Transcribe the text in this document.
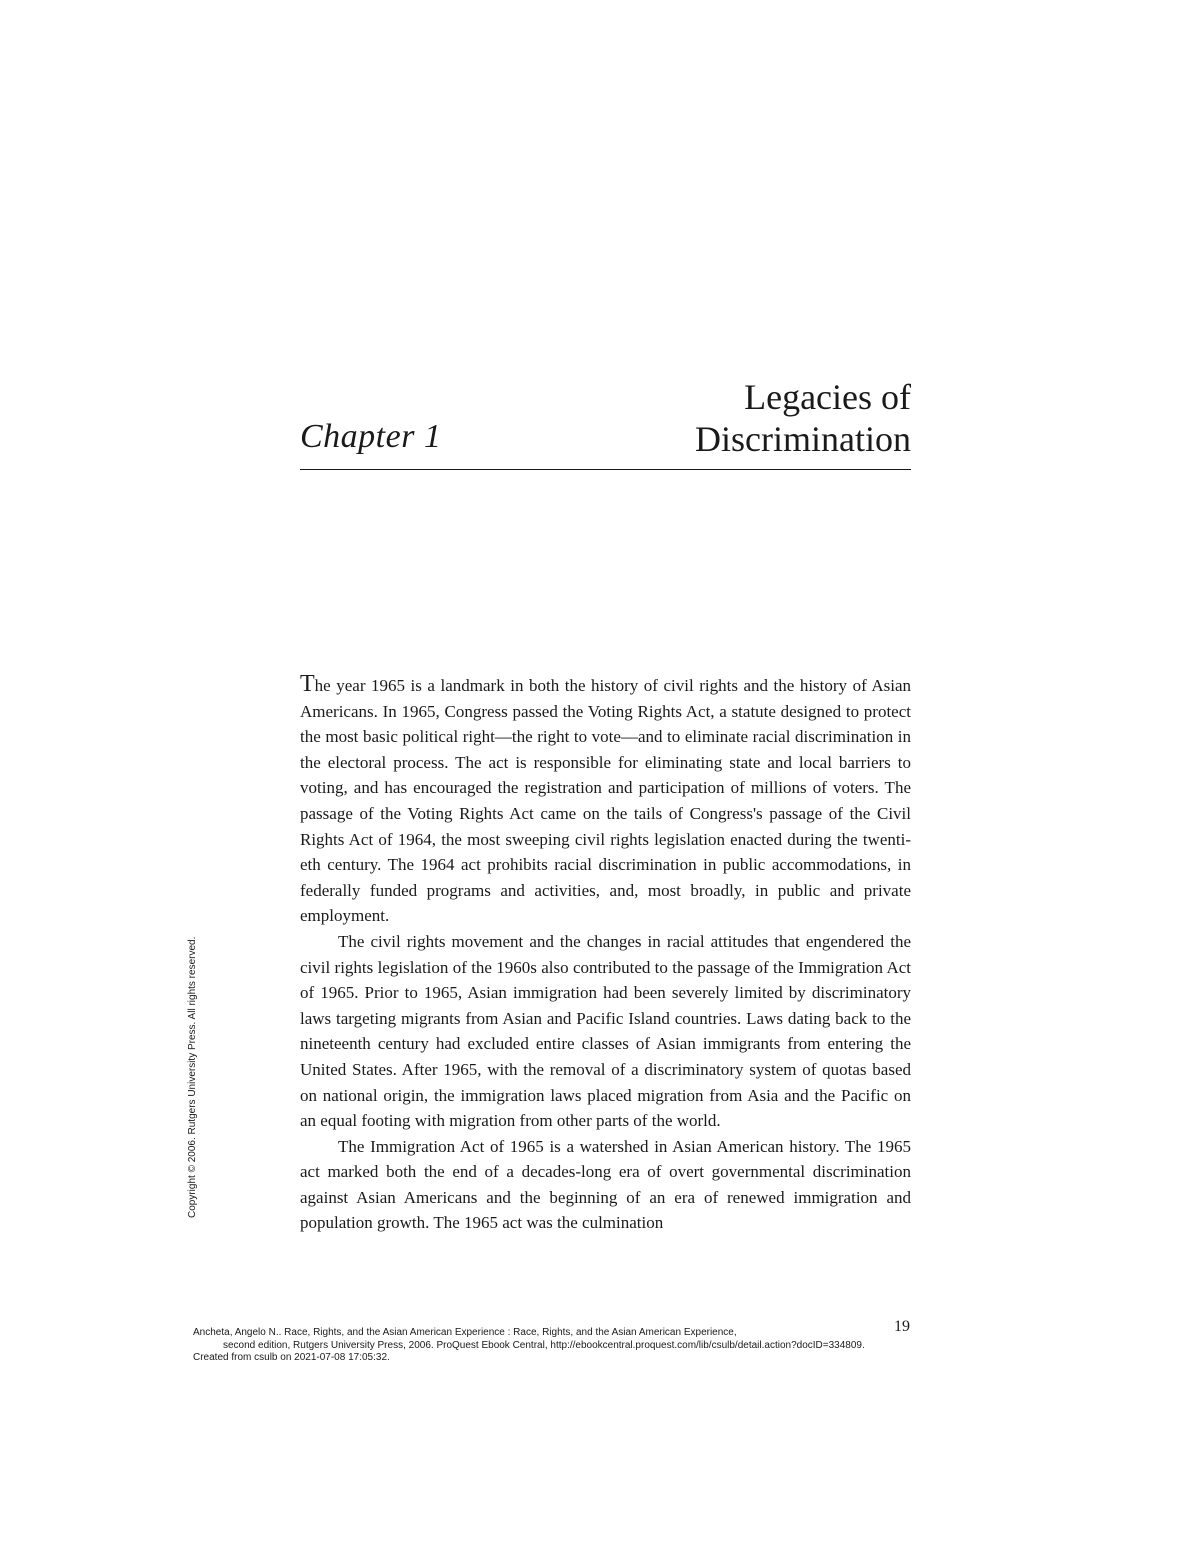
Chapter 1
Legacies of
Discrimination

The year 1965 is a landmark in both the history of civil rights and the history of Asian Americans. In 1965, Congress passed the Voting Rights Act, a statute designed to protect the most basic political right—the right to vote—and to eliminate racial discrimination in the electoral process. The act is responsible for eliminating state and local barriers to voting, and has encouraged the registration and participation of millions of voters. The passage of the Voting Rights Act came on the tails of Congress's passage of the Civil Rights Act of 1964, the most sweeping civil rights legislation enacted during the twentieth century. The 1964 act prohibits racial discrimination in public accommodations, in federally funded programs and activities, and, most broadly, in public and private employment.

The civil rights movement and the changes in racial attitudes that engendered the civil rights legislation of the 1960s also contributed to the passage of the Immigration Act of 1965. Prior to 1965, Asian immigration had been severely limited by discriminatory laws targeting migrants from Asian and Pacific Island countries. Laws dating back to the nineteenth century had excluded entire classes of Asian immigrants from entering the United States. After 1965, with the removal of a discriminatory system of quotas based on national origin, the immigration laws placed migration from Asia and the Pacific on an equal footing with migration from other parts of the world.

The Immigration Act of 1965 is a watershed in Asian American history. The 1965 act marked both the end of a decades-long era of overt governmental discrimination against Asian Americans and the beginning of an era of renewed immigration and population growth. The 1965 act was the culmination

19
Ancheta, Angelo N.. Race, Rights, and the Asian American Experience : Race, Rights, and the Asian American Experience,
second edition, Rutgers University Press, 2006. ProQuest Ebook Central, http://ebookcentral.proquest.com/lib/csulb/detail.action?docID=334809.
Created from csulb on 2021-07-08 17:05:32.
Copyright © 2006. Rutgers University Press. All rights reserved.
